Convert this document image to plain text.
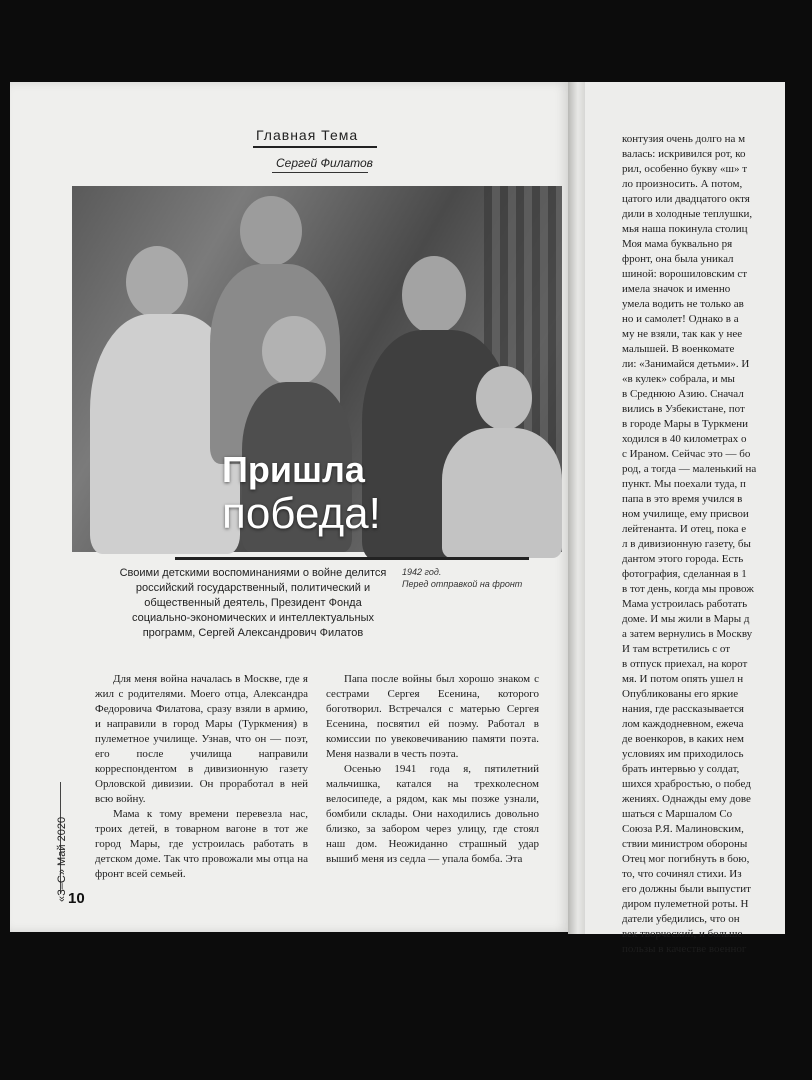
Главная Тема
Сергей Филатов
Пришла
победа!
Своими детскими воспоминаниями о войне делится российский государственный, политический и общественный деятель, Президент Фонда социально-экономических и интеллектуальных программ, Сергей Александрович Филатов
1942 год.
Перед отправкой на фронт

Для меня война началась в Москве, где я жил с родителями. Моего отца, Александра Федоровича Филатова, сразу взяли в армию, и направили в город Мары (Туркмения) в пулеметное училище. Узнав, что он — поэт, его после училища направили корреспондентом в дивизионную газету Орловской дивизии. Он проработал в ней всю войну.

Мама к тому времени перевезла нас, троих детей, в товарном вагоне в тот же город Мары, где устроилась работать в детском доме. Так что провожали мы отца на фронт всей семьей.

Папа после войны был хорошо знаком с сестрами Сергея Есенина, которого боготворил. Встречался с матерью Сергея Есенина, посвятил ей поэму. Работал в комиссии по увековечиванию памяти поэта. Меня назвали в честь поэта.

Осенью 1941 года я, пятилетний мальчишка, катался на трехколесном велосипеде, а рядом, как мы позже узнали, бомбили склады. Они находились довольно близко, за забором через улицу, где стоял наш дом. Неожиданно страшный удар вышиб меня из седла — упала бомба. Эта

«З–С» Май 2020 10
контузия очень долго на м
валась: искривился рот, ко
рил, особенно букву «ш» т
ло произносить. А потом,
цатого или двадцатого октя
дили в холодные теплушки,
мья наша покинула столиц
Моя мама буквально ря
фронт, она была уникал
шиной: ворошиловским ст
имела значок и именно
умела водить не только ав
но и самолет! Однако в а
му не взяли, так как у нее
малышей. В военкомате
ли: «Занимайся детьми». И
«в кулек» собрала, и мы
в Среднюю Азию. Сначал
вились в Узбекистане, пот
в городе Мары в Туркмени
ходился в 40 километрах о
с Ираном. Сейчас это — бо
род, а тогда — маленький на
пункт. Мы поехали туда, п
папа в это время учился в
ном училище, ему присвои
лейтенанта. И отец, пока е
л в дивизионную газету, бы
дантом этого города. Есть
фотография, сделанная в 1
в тот день, когда мы провож
Мама устроилась работать
доме. И мы жили в Мары д
а затем вернулись в Москву
И там встретились с от
в отпуск приехал, на корот
мя. И потом опять ушел н
Опубликованы его яркие
нания, где рассказывается
лом каждодневном, ежеча
де военкоров, в каких нем
условиях им приходилось
брать интервью у солдат,
шихся храбростью, о побед
жениях. Однажды ему дове
шаться с Маршалом Со
Союза Р.Я. Малиновским,
ствии министром обороны
Отец мог погибнуть в бою,
то, что сочинял стихи. Из
его должны были выпустит
диром пулеметной роты. Н
датели убедились, что он
век творческий, и больше
пользы в качестве военног
